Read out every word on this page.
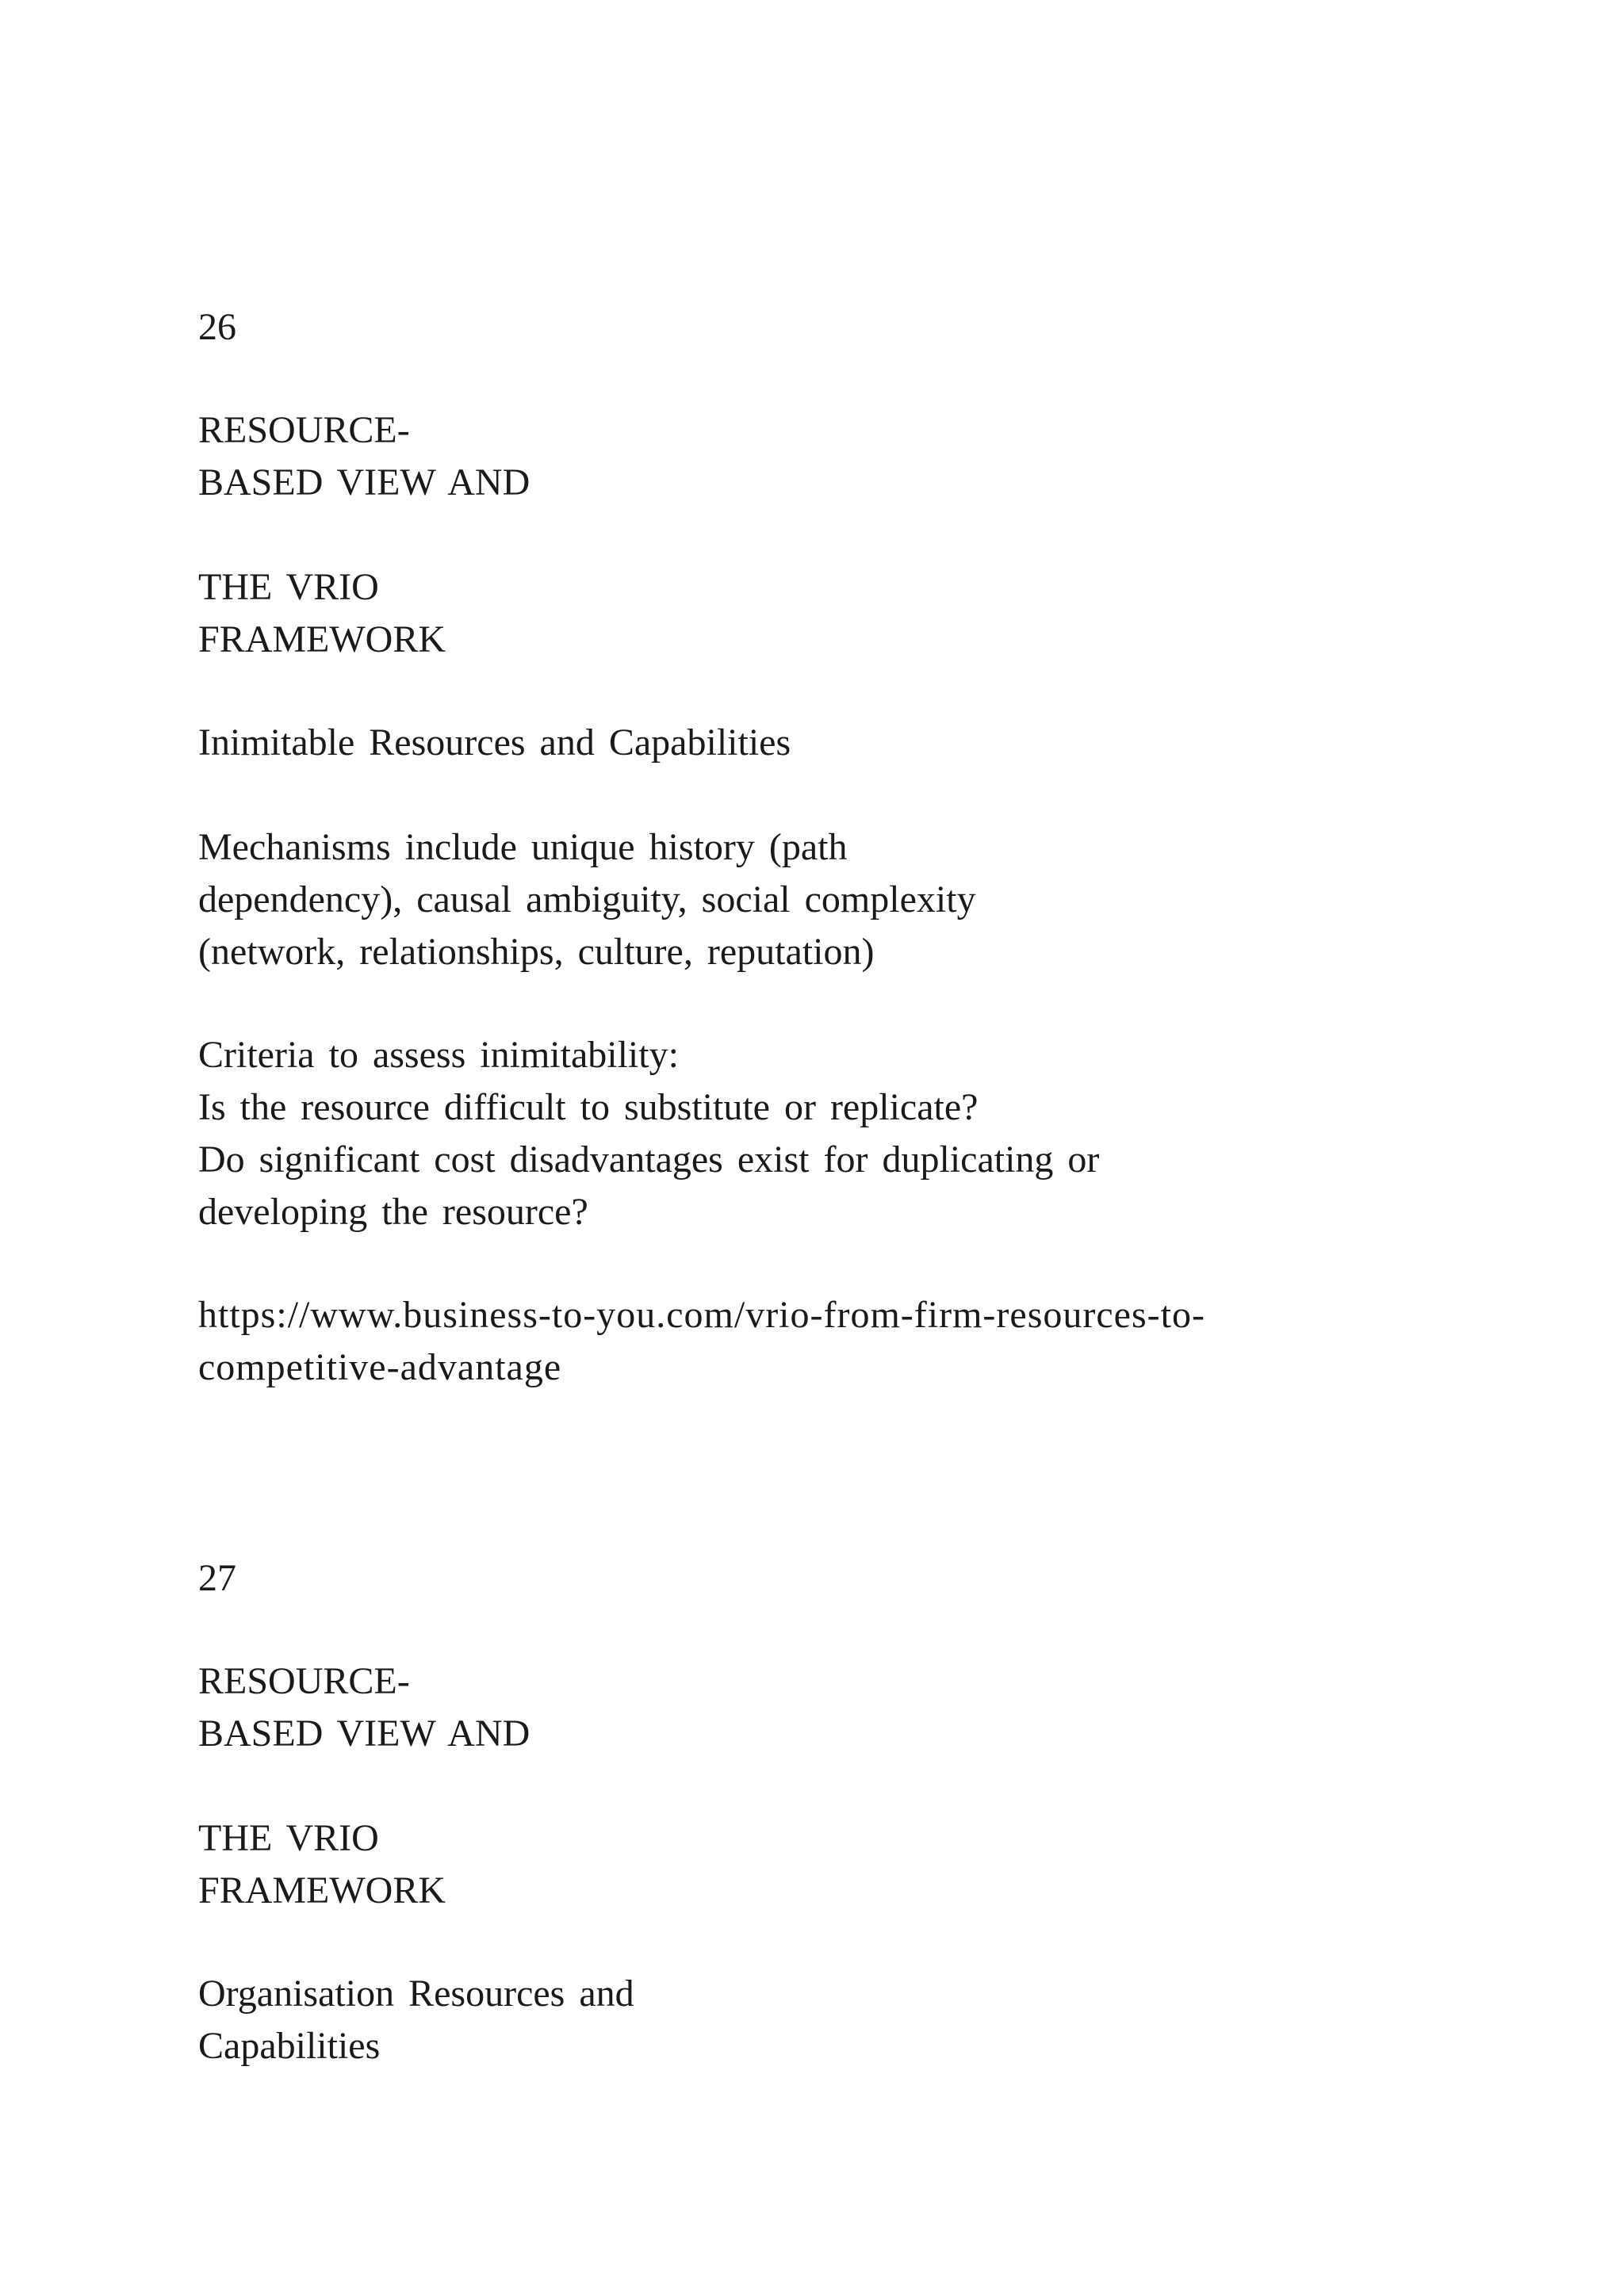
26

RESOURCE-

BASED VIEW AND

THE VRIO

FRAMEWORK

Inimitable Resources and Capabilities

Mechanisms include unique history (path

dependency), causal ambiguity, social complexity

(network, relationships, culture, reputation)

Criteria to assess inimitability:

Is the resource difficult to substitute or replicate?

Do significant cost disadvantages exist for duplicating or

developing the resource?

https://www.business-to-you.com/vrio-from-firm-resources-to-

competitive-advantage

27

RESOURCE-

BASED VIEW AND

THE VRIO

FRAMEWORK

Organisation Resources and

Capabilities
